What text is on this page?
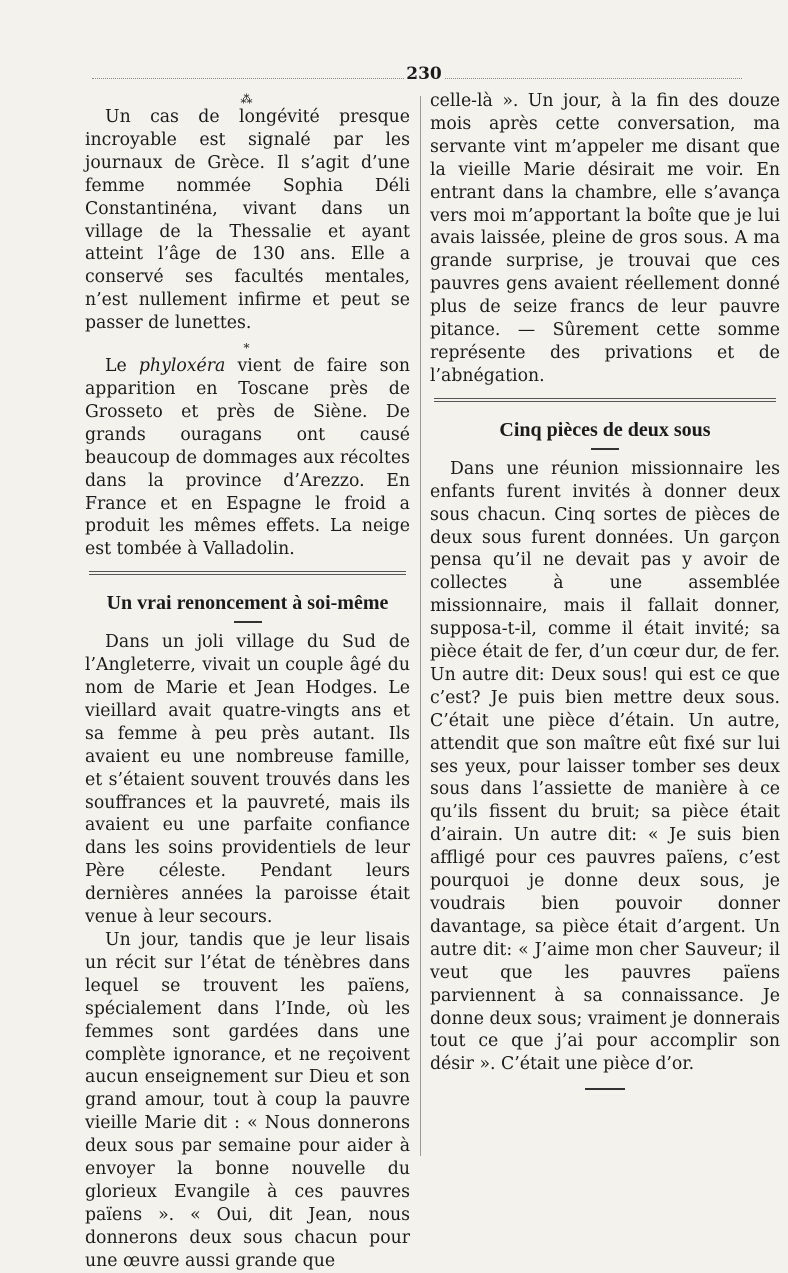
230
⁂

Un cas de longévité presque incroyable est signalé par les journaux de Grèce. Il s’agit d’une femme nommée Sophia Déli Constantinéna, vivant dans un village de la Thessalie et ayant atteint l’âge de 130 ans. Elle a conservé ses facultés mentales, n’est nullement infirme et peut se passer de lunettes.

*

Le phyloxéra vient de faire son apparition en Toscane près de Grosseto et près de Siène. De grands ouragans ont causé beaucoup de dommages aux récoltes dans la province d’Arezzo. En France et en Espagne le froid a produit les mêmes effets. La neige est tombée à Valladolin.

Un vrai renoncement à soi-même

Dans un joli village du Sud de l’Angleterre, vivait un couple âgé du nom de Marie et Jean Hodges. Le vieillard avait quatre-vingts ans et sa femme à peu près autant. Ils avaient eu une nombreuse famille, et s’étaient souvent trouvés dans les souffrances et la pauvreté, mais ils avaient eu une parfaite confiance dans les soins providentiels de leur Père céleste. Pendant leurs dernières années la paroisse était venue à leur secours.

Un jour, tandis que je leur lisais un récit sur l’état de ténèbres dans lequel se trouvent les païens, spécialement dans l’Inde, où les femmes sont gardées dans une complète ignorance, et ne reçoivent aucun enseignement sur Dieu et son grand amour, tout à coup la pauvre vieille Marie dit : « Nous donnerons deux sous par semaine pour aider à envoyer la bonne nouvelle du glorieux Evangile à ces pauvres païens ». « Oui, dit Jean, nous donnerons deux sous chacun pour une œuvre aussi grande que

celle-là ». Un jour, à la fin des douze mois après cette conversation, ma servante vint m’appeler me disant que la vieille Marie désirait me voir. En entrant dans la chambre, elle s’avança vers moi m’apportant la boîte que je lui avais laissée, pleine de gros sous. A ma grande surprise, je trouvai que ces pauvres gens avaient réellement donné plus de seize francs de leur pauvre pitance. — Sûrement cette somme représente des privations et de l’abnégation.

Cinq pièces de deux sous

Dans une réunion missionnaire les enfants furent invités à donner deux sous chacun. Cinq sortes de pièces de deux sous furent données. Un garçon pensa qu’il ne devait pas y avoir de collectes à une assemblée missionnaire, mais il fallait donner, supposa-t-il, comme il était invité; sa pièce était de fer, d’un cœur dur, de fer. Un autre dit: Deux sous! qui est ce que c’est? Je puis bien mettre deux sous. C’était une pièce d’étain. Un autre, attendit que son maître eût fixé sur lui ses yeux, pour laisser tomber ses deux sous dans l’assiette de manière à ce qu’ils fissent du bruit; sa pièce était d’airain. Un autre dit: « Je suis bien affligé pour ces pauvres païens, c’est pourquoi je donne deux sous, je voudrais bien pouvoir donner davantage, sa pièce était d’argent. Un autre dit: « J’aime mon cher Sauveur; il veut que les pauvres païens parviennent à sa connaissance. Je donne deux sous; vraiment je donnerais tout ce que j’ai pour accomplir son désir ». C’était une pièce d’or.
